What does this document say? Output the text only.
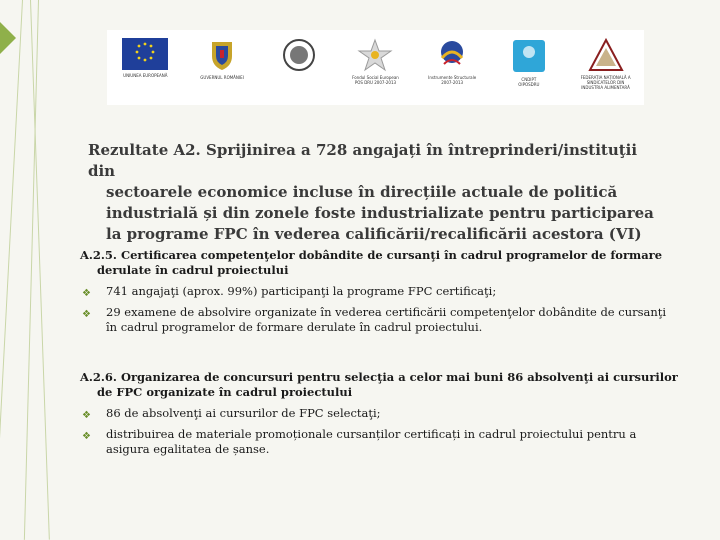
UNIUNEA EUROPEANĂ	GUVERNUL ROMÂNIEI	Fondul Social European
POS DRU 2007-2013
Instrumente Structurale
2007-2013
CNDIPT
OIPOSDRU
FEDERAȚIA NAȚIONALĂ A
SINDICATELOR DIN
INDUSTRIA ALIMENTARĂ
Rezultate A2. Sprijinirea a 728 angajați în întreprinderi/instituţii din
sectoarele economice incluse în direcțiile actuale de politică industrială și din zonele foste industrializate pentru participarea la programe FPC în vederea calificării/recalificării acestora (VI)

A.2.5. Certificarea competenţelor dobândite de cursanţi în cadrul programelor de formare
derulate în cadrul proiectului

❖ 741 angajaţi (aprox. 99%) participanţi la programe FPC certificaţi;
❖ 29 examene de absolvire organizate în vederea certificării competenţelor dobândite de cursanţi în cadrul programelor de formare derulate în cadrul proiectului.

A.2.6. Organizarea de concursuri pentru selecţia a celor mai buni 86 absolvenţi ai cursurilor
de FPC organizate în cadrul proiectului

❖ 86 de absolvenţi ai cursurilor de FPC selectaţi;
❖ distribuirea de materiale promoționale cursanților certificați in cadrul proiectului pentru a asigura egalitatea de șanse.
